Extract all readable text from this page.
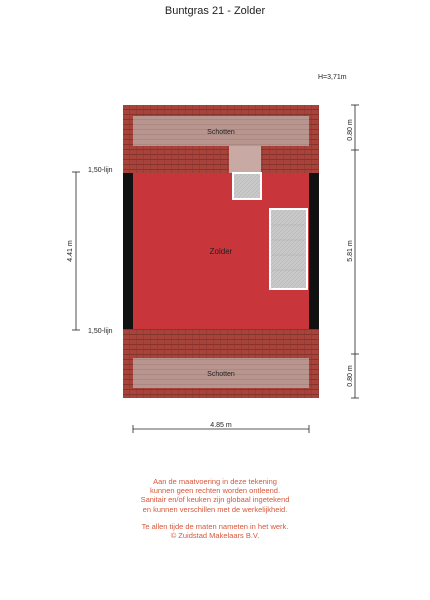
Buntgras 21 - Zolder
H=3,71m
Schotten
Zolder
Schotten
4.41 m
1,50-lijn
1,50-lijn
0.80 m
5.81 m
0.80 m
4.85 m
Aan de maatvoering in deze tekening
kunnen geen rechten worden ontleend.
Sanitair en/of keuken zijn globaal ingetekend
en kunnen verschillen met de werkelijkheid.
Te allen tijde de maten nameten in het werk.
© Zuidstad Makelaars B.V.
